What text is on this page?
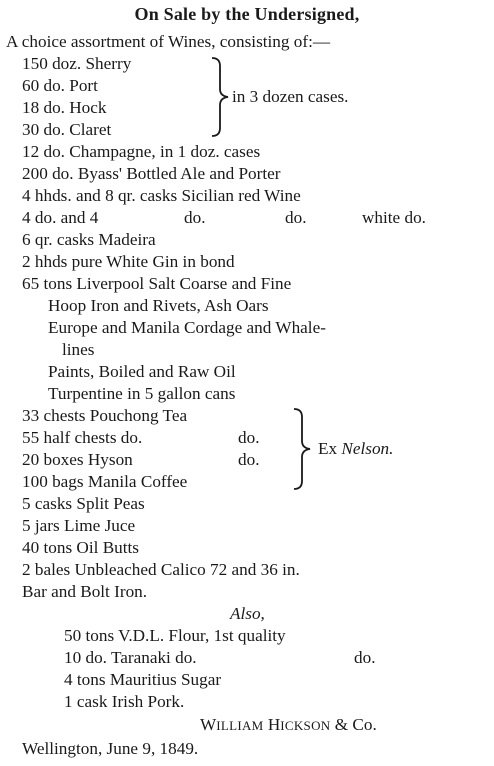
On Sale by the Undersigned,
A choice assortment of Wines, consisting of:—
150 doz. Sherry
60 do. Port
18 do. Hock
30 do. Claret
in 3 dozen cases.
12 do. Champagne, in 1 doz. cases
200 do. Byass' Bottled Ale and Porter
4 hhds. and 8 qr. casks Sicilian red Wine
4 do. and 4	do.	do.	white do.
6 qr. casks Madeira
2 hhds pure White Gin in bond
65 tons Liverpool Salt Coarse and Fine
Hoop Iron and Rivets, Ash Oars
Europe and Manila Cordage and Whale-
lines
Paints, Boiled and Raw Oil
Turpentine in 5 gallon cans
33 chests Pouchong Tea
55 half chests do.	do.
20 boxes Hyson	do.
100 bags Manila Coffee
Ex Nelson.
5 casks Split Peas
5 jars Lime Juce
40 tons Oil Butts
2 bales Unbleached Calico 72 and 36 in.
Bar and Bolt Iron.
Also,
50 tons V.D.L. Flour, 1st quality
10 do. Taranaki do.	do.
4 tons Mauritius Sugar
1 cask Irish Pork.
WILLIAM HICKSON & Co.
Wellington, June 9, 1849.
